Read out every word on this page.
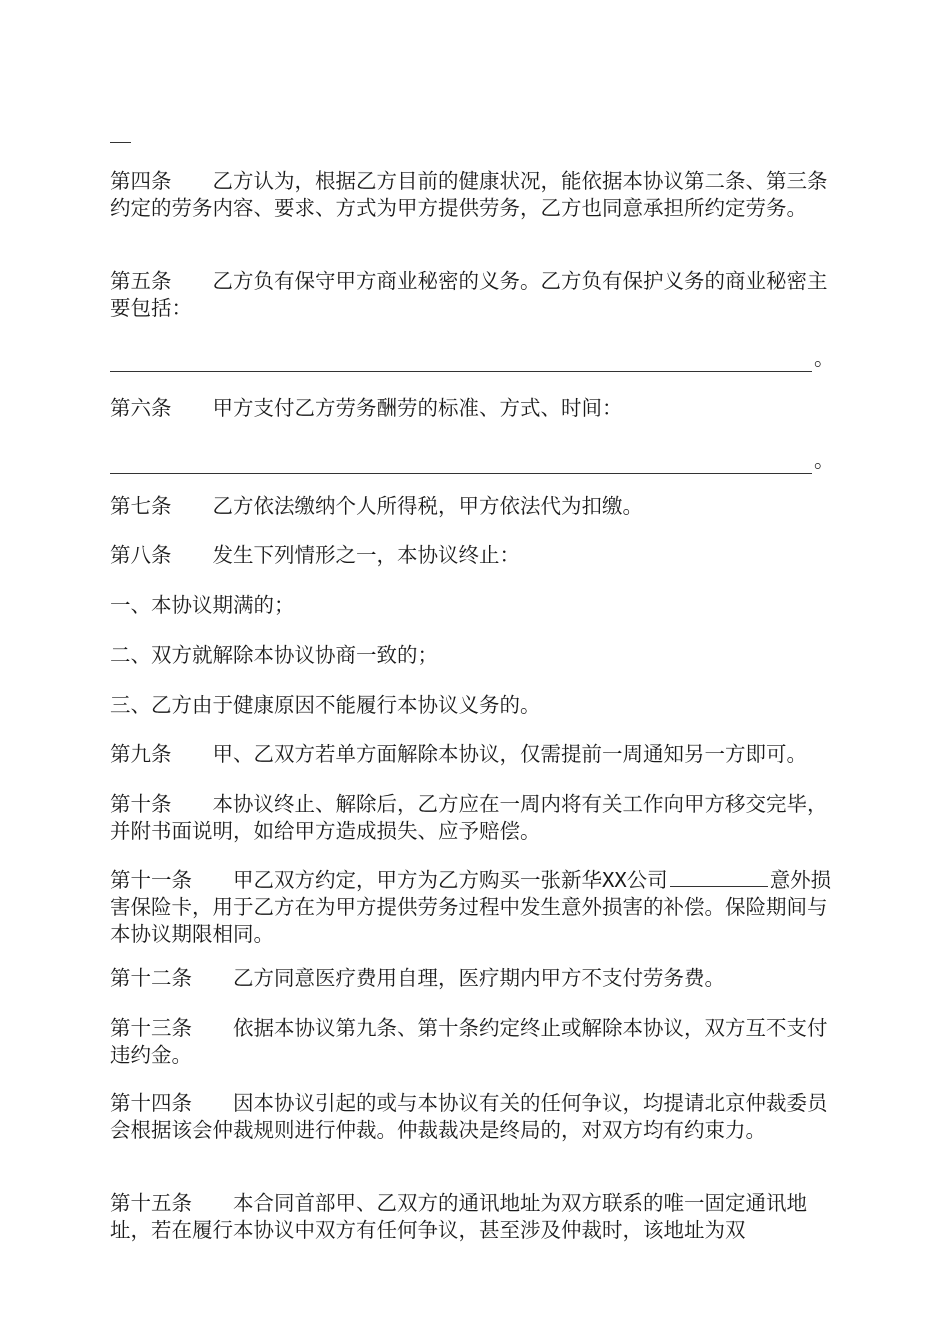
第四条　　乙方认为，根据乙方目前的健康状况，能依据本协议第二条、第三条约定的劳务内容、要求、方式为甲方提供劳务，乙方也同意承担所约定劳务。
第五条　　乙方负有保守甲方商业秘密的义务。乙方负有保护义务的商业秘密主要包括：
。
第六条　　甲方支付乙方劳务酬劳的标准、方式、时间：
。
第七条　　乙方依法缴纳个人所得税，甲方依法代为扣缴。
第八条　　发生下列情形之一，本协议终止：
一、本协议期满的；
二、双方就解除本协议协商一致的；
三、乙方由于健康原因不能履行本协议义务的。
第九条　　甲、乙双方若单方面解除本协议，仅需提前一周通知另一方即可。
第十条　　本协议终止、解除后，乙方应在一周内将有关工作向甲方移交完毕，并附书面说明，如给甲方造成损失、应予赔偿。
第十一条　　甲乙双方约定，甲方为乙方购买一张新华XX公司	意外损害保险卡，用于乙方在为甲方提供劳务过程中发生意外损害的补偿。保险期间与本协议期限相同。
第十二条　　乙方同意医疗费用自理，医疗期内甲方不支付劳务费。
第十三条　　依据本协议第九条、第十条约定终止或解除本协议，双方互不支付违约金。
第十四条　　因本协议引起的或与本协议有关的任何争议，均提请北京仲裁委员会根据该会仲裁规则进行仲裁。仲裁裁决是终局的，对双方均有约束力。
第十五条　　本合同首部甲、乙双方的通讯地址为双方联系的唯一固定通讯地址，若在履行本协议中双方有任何争议，甚至涉及仲裁时，该地址为双
